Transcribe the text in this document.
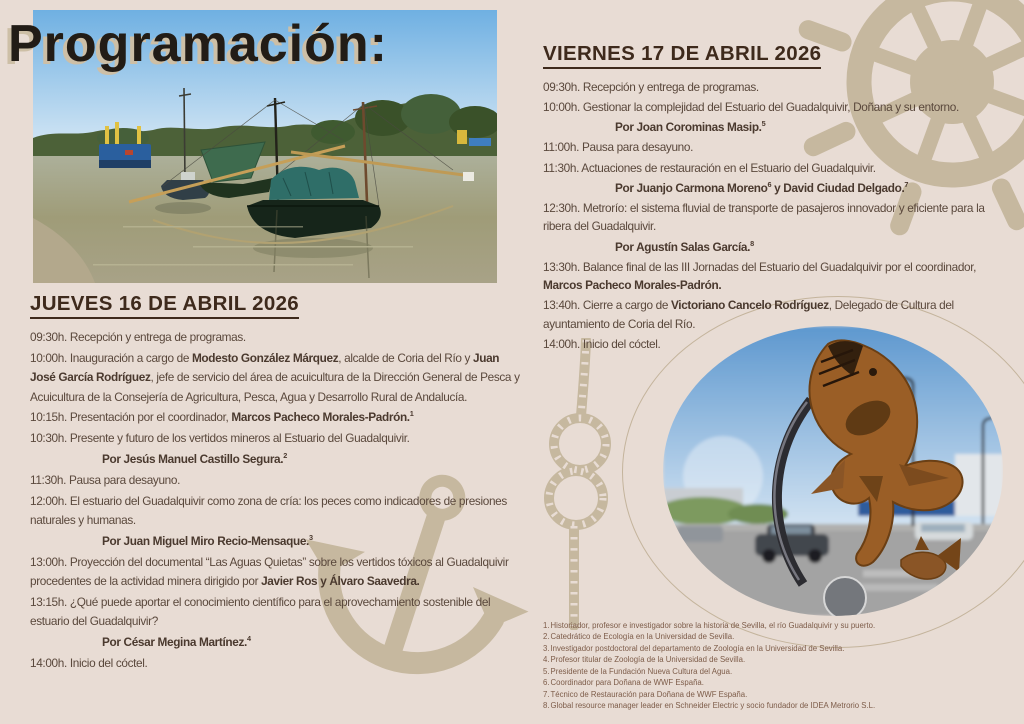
Programación:
JUEVES 16 DE ABRIL 2026

09:30h. Recepción y entrega de programas.

10:00h. Inauguración a cargo de Modesto González Márquez, alcalde de Coria del Río y Juan José García Rodríguez, jefe de servicio del área de acuicultura de la Dirección General de Pesca y Acuicultura de la Consejería de Agricultura, Pesca, Agua y Desarrollo Rural de Andalucía.

10:15h. Presentación por el coordinador, Marcos Pacheco Morales-Padrón.$^1$

10:30h. Presente y futuro de los vertidos mineros al Estuario del Guadalquivir.

Por Jesús Manuel Castillo Segura.$^2$

11:30h. Pausa para desayuno.

12:00h. El estuario del Guadalquivir como zona de cría: los peces como indicadores de presiones naturales y humanas.

Por Juan Miguel Miro Recio-Mensaque.$^3$

13:00h. Proyección del documental “Las Aguas Quietas” sobre los vertidos tóxicos al Guadalquivir procedentes de la actividad minera dirigido por Javier Ros y Álvaro Saavedra.

13:15h. ¿Qué puede aportar el conocimiento científico para el aprovechamiento sostenible del estuario del Guadalquivir?

Por César Megina Martínez.$^4$

14:00h. Inicio del cóctel.

VIERNES 17 DE ABRIL 2026

09:30h. Recepción y entrega de programas.

10:00h. Gestionar la complejidad del Estuario del Guadalquivir, Doñana y su entorno.

Por Joan Corominas Masip.$^5$

11:00h. Pausa para desayuno.

11:30h. Actuaciones de restauración en el Estuario del Guadalquivir.

Por Juanjo Carmona Moreno$^6$ y David Ciudad Delgado.$^7$

12:30h. Metrorío: el sistema fluvial de transporte de pasajeros innovador y eficiente para la ribera del Guadalquivir.

Por Agustín Salas García.$^8$

13:30h. Balance final de las III Jornadas del Estuario del Guadalquivir por el coordinador, Marcos Pacheco Morales-Padrón.

13:40h. Cierre a cargo de Victoriano Cancelo Rodríguez, Delegado de Cultura del ayuntamiento de Coria del Río.

14:00h. Inicio del cóctel.

1.Historiador, profesor e investigador sobre la historia de Sevilla, el río Guadalquivir y su puerto.

2.Catedrático de Ecología en la Universidad de Sevilla.

3.Investigador postdoctoral del departamento de Zoología en la Universidad de Sevilla.

4.Profesor titular de Zoología de la Universidad de Sevilla.

5.Presidente de la Fundación Nueva Cultura del Agua.

6.Coordinador para Doñana de WWF España.

7.Técnico de Restauración para Doñana de WWF España.

8.Global resource manager leader en Schneider Electric y socio fundador de IDEA Metrorio S.L.
